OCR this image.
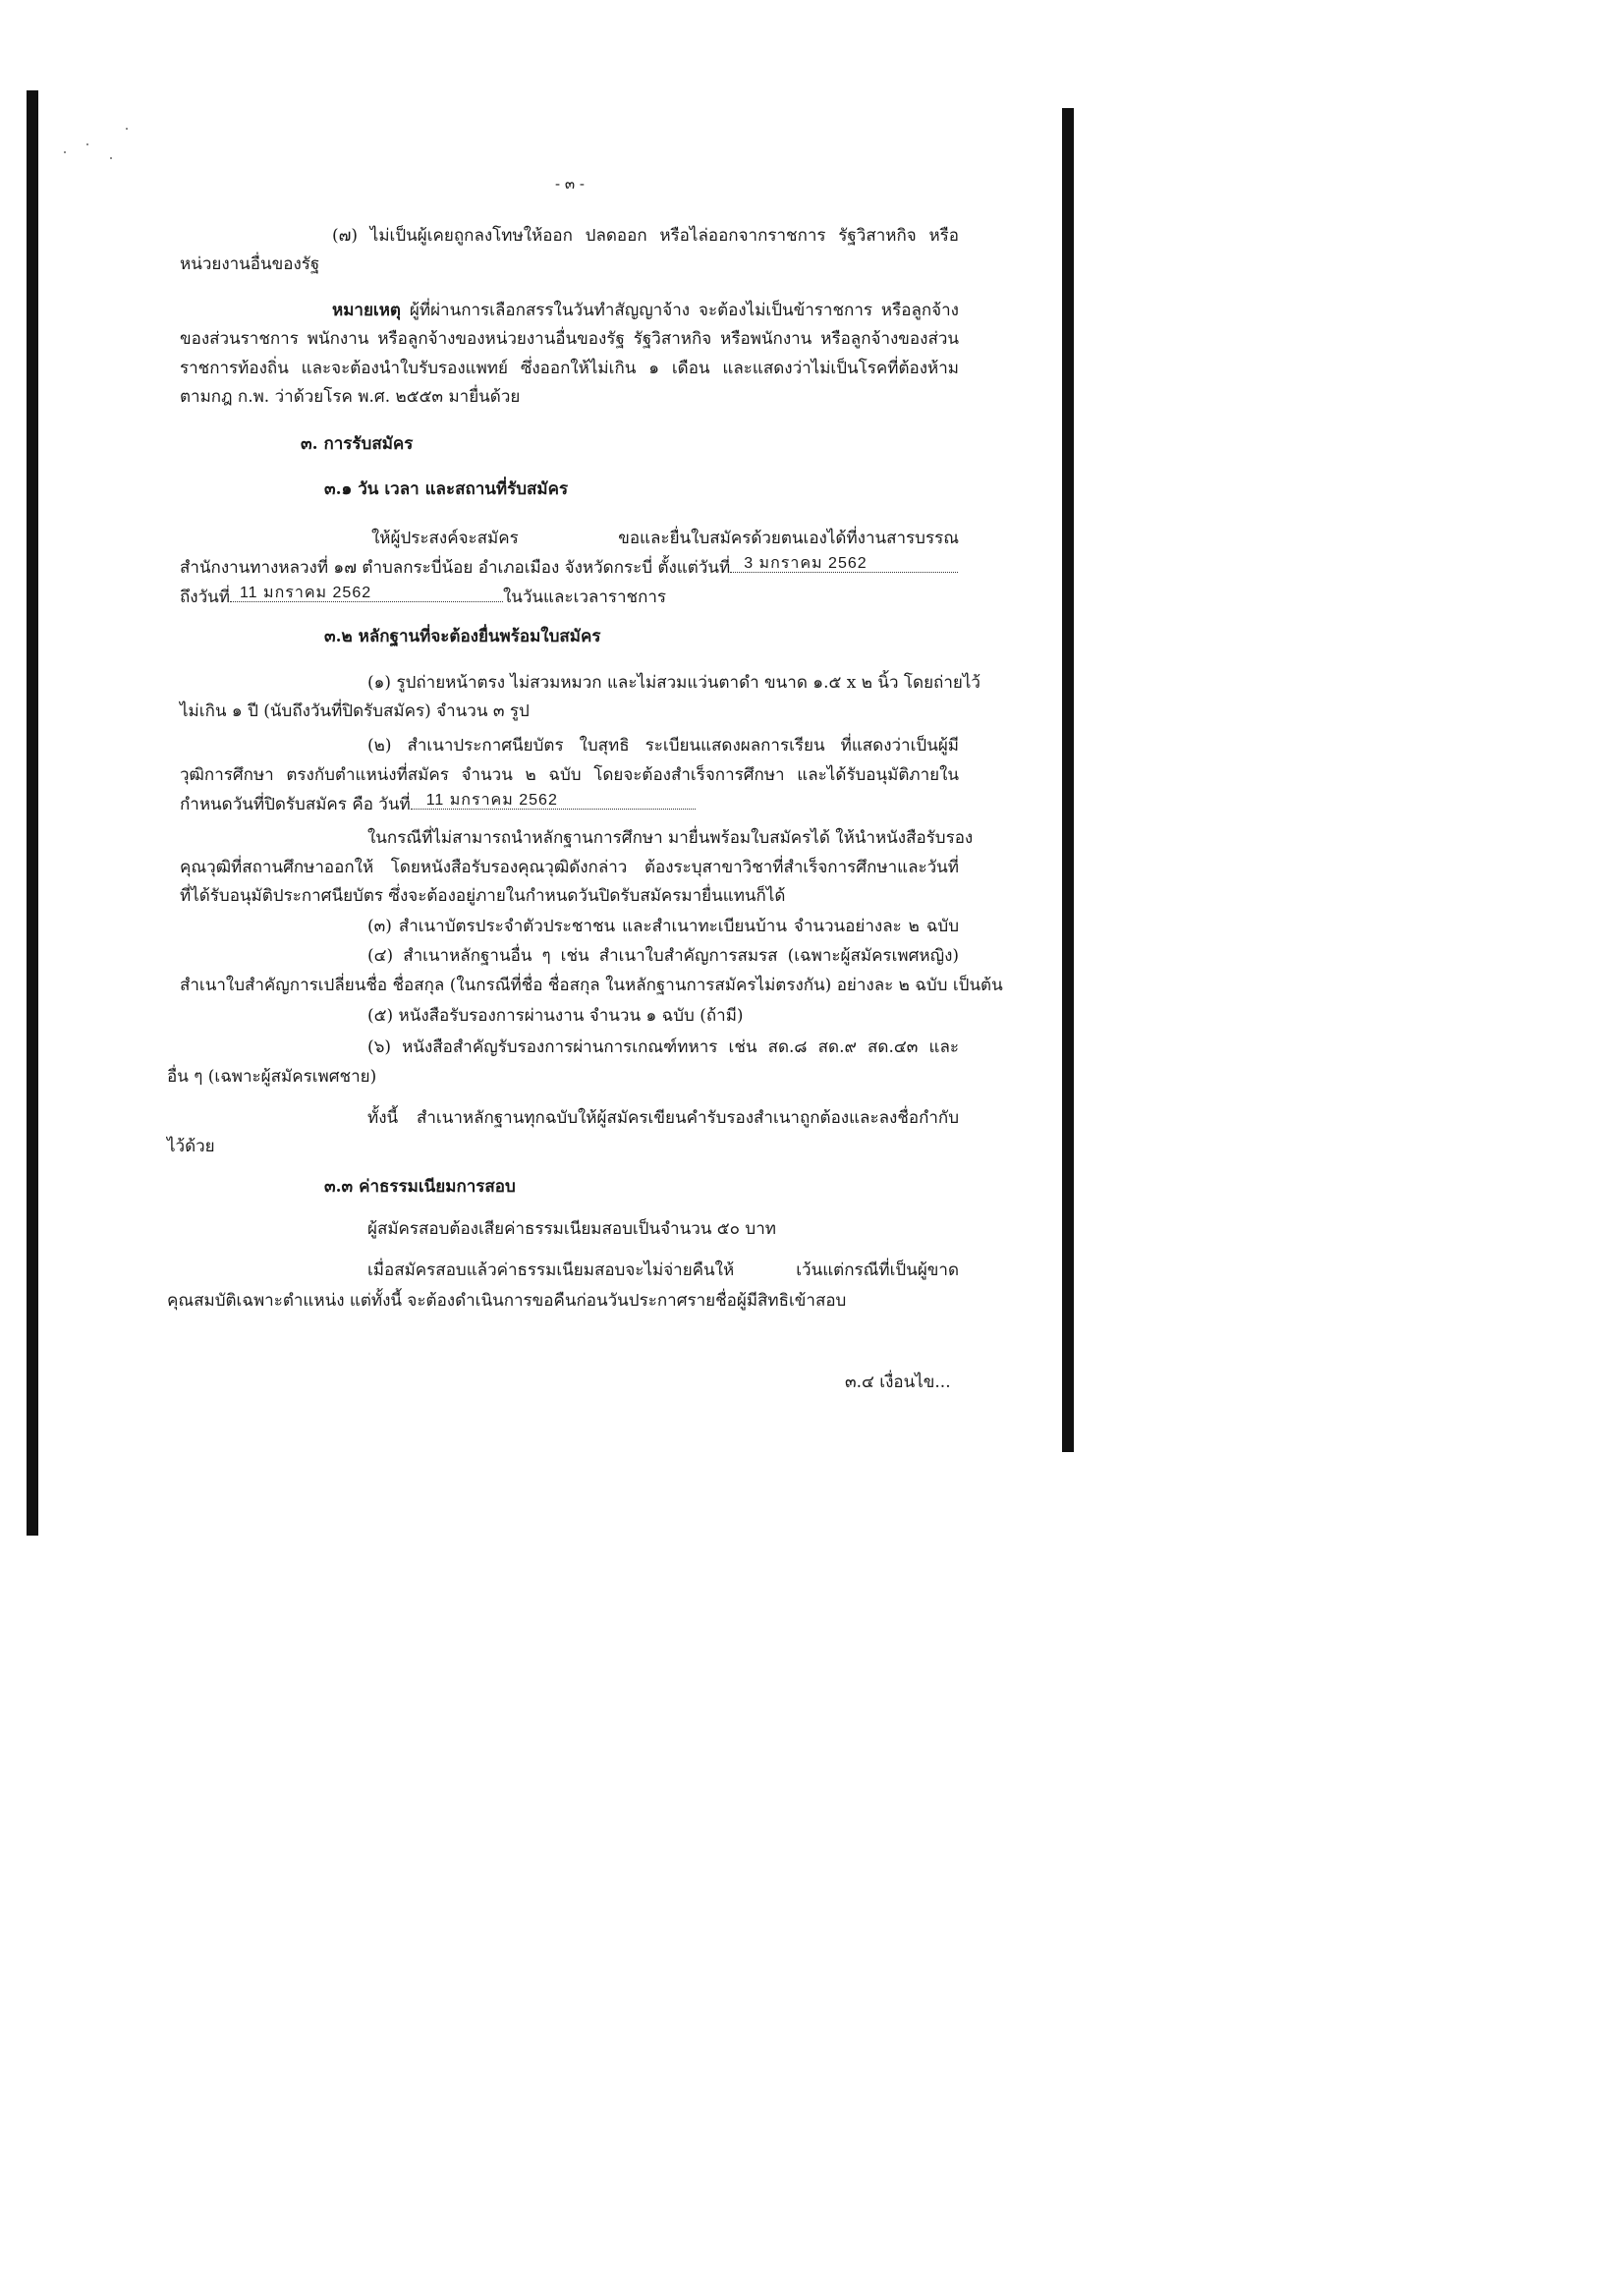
- ๓ -
(๗) ไม่เป็นผู้เคยถูกลงโทษให้ออก ปลดออก หรือไล่ออกจากราชการ รัฐวิสาหกิจ หรือ
หน่วยงานอื่นของรัฐ
หมายเหตุ ผู้ที่ผ่านการเลือกสรรในวันทำสัญญาจ้าง จะต้องไม่เป็นข้าราชการ หรือลูกจ้าง
ของส่วนราชการ พนักงาน หรือลูกจ้างของหน่วยงานอื่นของรัฐ รัฐวิสาหกิจ หรือพนักงาน หรือลูกจ้างของส่วน
ราชการท้องถิ่น และจะต้องนำใบรับรองแพทย์ ซึ่งออกให้ไม่เกิน ๑ เดือน และแสดงว่าไม่เป็นโรคที่ต้องห้าม
ตามกฎ ก.พ. ว่าด้วยโรค พ.ศ. ๒๕๕๓ มายื่นด้วย
๓. การรับสมัคร
๓.๑ วัน เวลา และสถานที่รับสมัคร
ให้ผู้ประสงค์จะสมัคร ขอและยื่นใบสมัครด้วยตนเองได้ที่งานสารบรรณ
สำนักงานทางหลวงที่ ๑๗ ตำบลกระบี่น้อย อำเภอเมือง จังหวัดกระบี่ ตั้งแต่วันที่ 3 มกราคม 2562
ถึงวันที่ 11 มกราคม 2562	ในวันและเวลาราชการ
๓.๒ หลักฐานที่จะต้องยื่นพร้อมใบสมัคร
(๑) รูปถ่ายหน้าตรง ไม่สวมหมวก และไม่สวมแว่นตาดำ ขนาด ๑.๕ x ๒ นิ้ว โดยถ่ายไว้
ไม่เกิน ๑ ปี (นับถึงวันที่ปิดรับสมัคร) จำนวน ๓ รูป
(๒) สำเนาประกาศนียบัตร ใบสุทธิ ระเบียนแสดงผลการเรียน ที่แสดงว่าเป็นผู้มี
วุฒิการศึกษา ตรงกับตำแหน่งที่สมัคร จำนวน ๒ ฉบับ โดยจะต้องสำเร็จการศึกษา และได้รับอนุมัติภายใน
กำหนดวันที่ปิดรับสมัคร คือ วันที่ 11 มกราคม 2562
ในกรณีที่ไม่สามารถนำหลักฐานการศึกษา มายื่นพร้อมใบสมัครได้ ให้นำหนังสือรับรอง
คุณวุฒิที่สถานศึกษาออกให้ โดยหนังสือรับรองคุณวุฒิดังกล่าว ต้องระบุสาขาวิชาที่สำเร็จการศึกษาและวันที่
ที่ได้รับอนุมัติประกาศนียบัตร ซึ่งจะต้องอยู่ภายในกำหนดวันปิดรับสมัครมายื่นแทนก็ได้
(๓) สำเนาบัตรประจำตัวประชาชน และสำเนาทะเบียนบ้าน จำนวนอย่างละ ๒ ฉบับ
(๔) สำเนาหลักฐานอื่น ๆ เช่น สำเนาใบสำคัญการสมรส (เฉพาะผู้สมัครเพศหญิง)
สำเนาใบสำคัญการเปลี่ยนชื่อ ชื่อสกุล (ในกรณีที่ชื่อ ชื่อสกุล ในหลักฐานการสมัครไม่ตรงกัน) อย่างละ ๒ ฉบับ เป็นต้น
(๕) หนังสือรับรองการผ่านงาน จำนวน ๑ ฉบับ (ถ้ามี)
(๖) หนังสือสำคัญรับรองการผ่านการเกณฑ์ทหาร เช่น สด.๘ สด.๙ สด.๔๓ และ
อื่น ๆ (เฉพาะผู้สมัครเพศชาย)
ทั้งนี้ สำเนาหลักฐานทุกฉบับให้ผู้สมัครเขียนคำรับรองสำเนาถูกต้องและลงชื่อกำกับ
ไว้ด้วย
๓.๓ ค่าธรรมเนียมการสอบ
ผู้สมัครสอบต้องเสียค่าธรรมเนียมสอบเป็นจำนวน ๕๐ บาท
เมื่อสมัครสอบแล้วค่าธรรมเนียมสอบจะไม่จ่ายคืนให้ เว้นแต่กรณีที่เป็นผู้ขาด
คุณสมบัติเฉพาะตำแหน่ง แต่ทั้งนี้ จะต้องดำเนินการขอคืนก่อนวันประกาศรายชื่อผู้มีสิทธิเข้าสอบ
๓.๔ เงื่อนไข...
